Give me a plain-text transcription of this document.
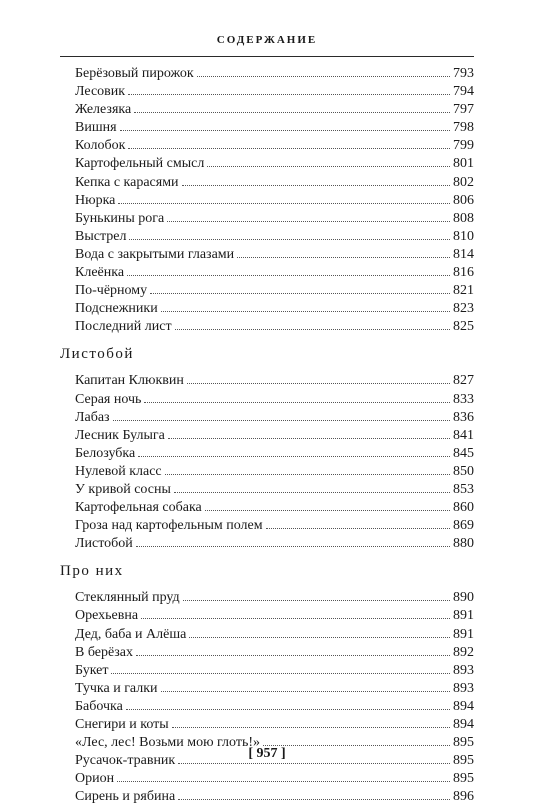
СОДЕРЖАНИЕ
Берёзовый пирожок	793
Лесовик	794
Железяка	797
Вишня	798
Колобок	799
Картофельный смысл	801
Кепка с карасями	802
Нюрка	806
Бунькины рога	808
Выстрел	810
Вода с закрытыми глазами	814
Клеёнка	816
По-чёрному	821
Подснежники	823
Последний лист	825
Листобой
Капитан Клюквин	827
Серая ночь	833
Лабаз	836
Лесник Булыга	841
Белозубка	845
Нулевой класс	850
У кривой сосны	853
Картофельная собака	860
Гроза над картофельным полем	869
Листобой	880
Про них
Стеклянный пруд	890
Орехьевна	891
Дед, баба и Алёша	891
В берёзах	892
Букет	893
Тучка и галки	893
Бабочка	894
Снегири и коты	894
«Лес, лес! Возьми мою глоть!»	895
Русачок-травник	895
Орион	895
Сирень и рябина	896
[ 957 ]
